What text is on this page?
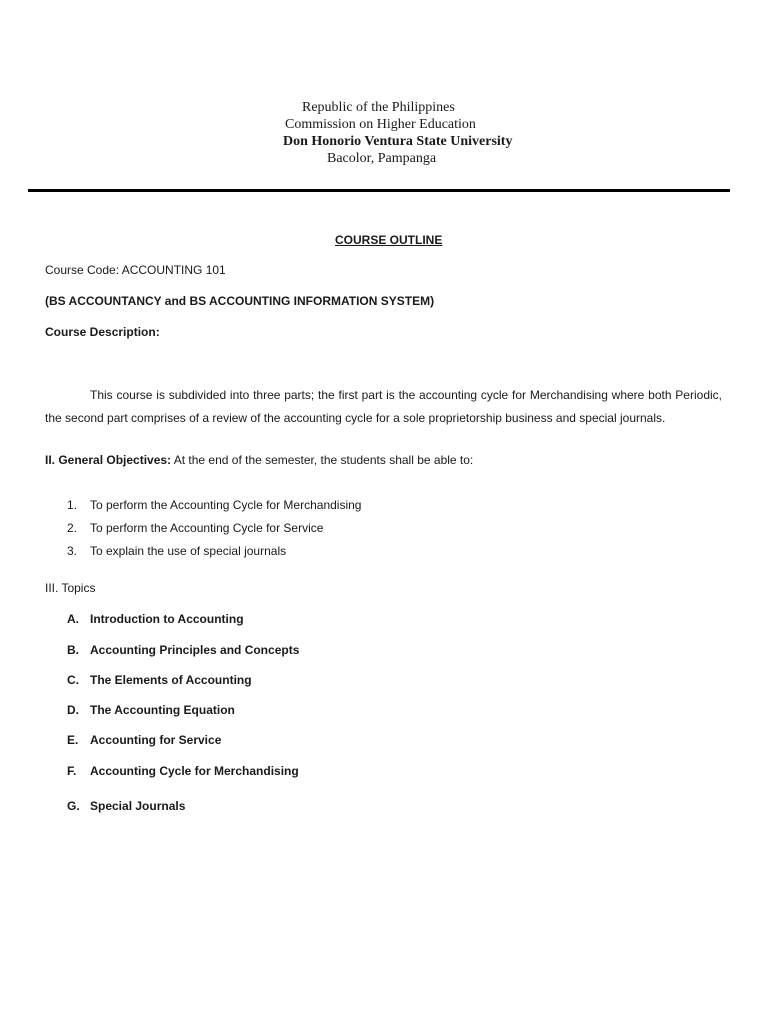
Republic of the Philippines
Commission on Higher Education
Don Honorio Ventura State University
Bacolor, Pampanga
COURSE OUTLINE
Course Code: ACCOUNTING 101
(BS ACCOUNTANCY and BS ACCOUNTING INFORMATION SYSTEM)
Course Description:
This course is subdivided into three parts; the first part is the accounting cycle for Merchandising where both Periodic, the second part comprises of a review of the accounting cycle for a sole proprietorship business and special journals.
II. General Objectives: At the end of the semester, the students shall be able to:
1. To perform the Accounting Cycle for Merchandising
2. To perform the Accounting Cycle for Service
3. To explain the use of special journals
III. Topics
A. Introduction to Accounting
B. Accounting Principles and Concepts
C. The Elements of Accounting
D. The Accounting Equation
E. Accounting for Service
F. Accounting Cycle for Merchandising
G. Special Journals
